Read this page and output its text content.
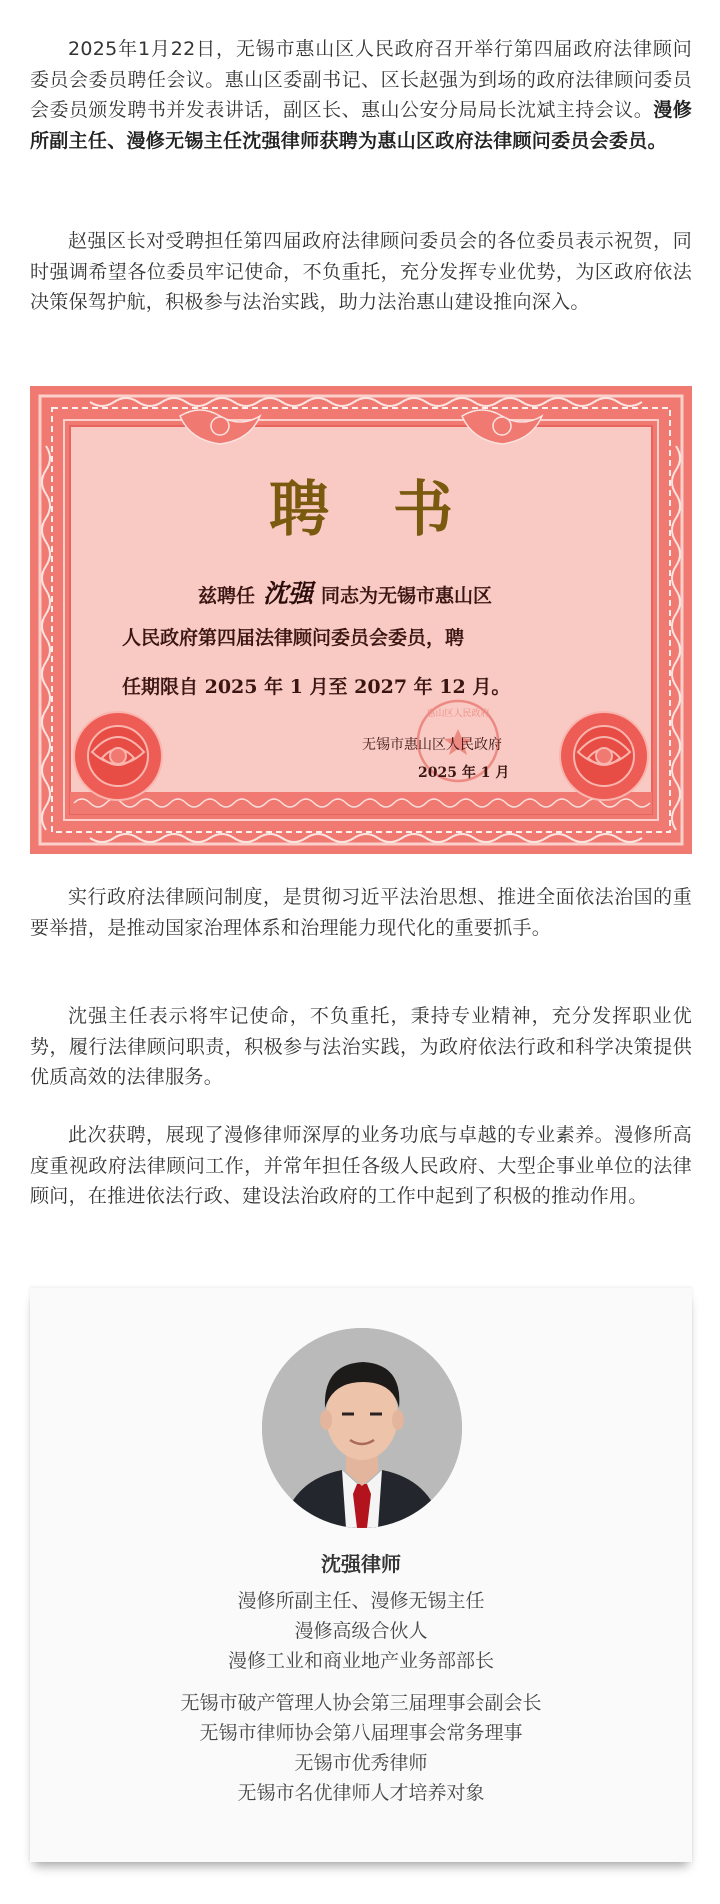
2025年1月22日，无锡市惠山区人民政府召开举行第四届政府法律顾问委员会委员聘任会议。惠山区委副书记、区长赵强为到场的政府法律顾问委员会委员颁发聘书并发表讲话，副区长、惠山公安分局局长沈斌主持会议。漫修所副主任、漫修无锡主任沈强律师获聘为惠山区政府法律顾问委员会委员。

赵强区长对受聘担任第四届政府法律顾问委员会的各位委员表示祝贺，同时强调希望各位委员牢记使命，不负重托，充分发挥专业优势，为区政府依法决策保驾护航，积极参与法治实践，助力法治惠山建设推向深入。

惠山区人民政府
聘书
兹聘任 沈强 同志为无锡市惠山区
人民政府第四届法律顾问委员会委员，聘
任期限自 2025 年 1 月至 2027 年 12 月。
无锡市惠山区人民政府
2025 年 1 月

实行政府法律顾问制度，是贯彻习近平法治思想、推进全面依法治国的重要举措，是推动国家治理体系和治理能力现代化的重要抓手。

沈强主任表示将牢记使命，不负重托，秉持专业精神，充分发挥职业优势，履行法律顾问职责，积极参与法治实践，为政府依法行政和科学决策提供优质高效的法律服务。

此次获聘，展现了漫修律师深厚的业务功底与卓越的专业素养。漫修所高度重视政府法律顾问工作，并常年担任各级人民政府、大型企事业单位的法律顾问，在推进依法行政、建设法治政府的工作中起到了积极的推动作用。

沈强律师
漫修所副主任、漫修无锡主任
漫修高级合伙人
漫修工业和商业地产业务部部长
无锡市破产管理人协会第三届理事会副会长
无锡市律师协会第八届理事会常务理事
无锡市优秀律师
无锡市名优律师人才培养对象
